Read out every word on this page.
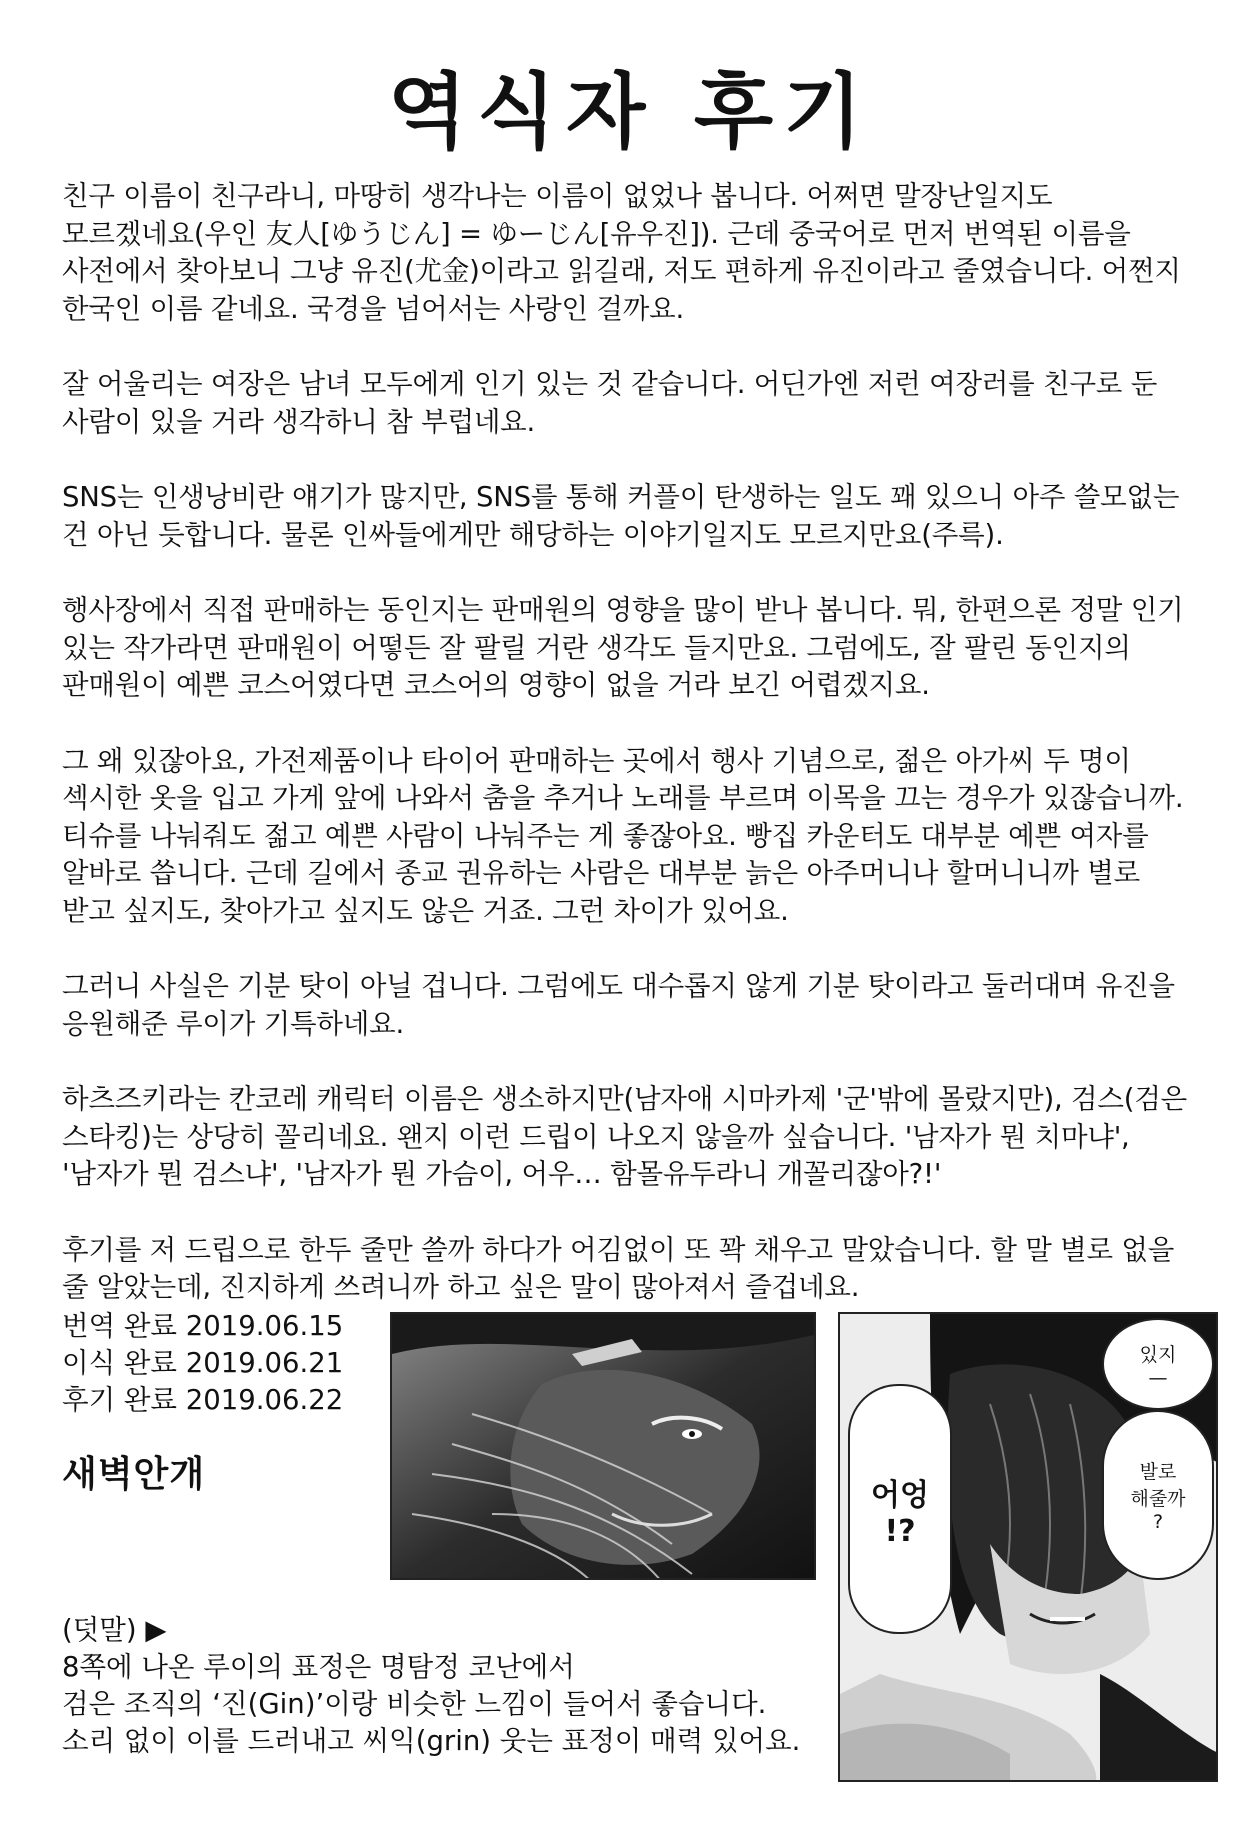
역식자 후기

친구 이름이 친구라니, 마땅히 생각나는 이름이 없었나 봅니다. 어쩌면 말장난일지도
모르겠네요(우인 友人[ゆうじん] = ゆーじん[유우진]). 근데 중국어로 먼저 번역된 이름을
사전에서 찾아보니 그냥 유진(尤金)이라고 읽길래, 저도 편하게 유진이라고 줄였습니다. 어쩐지
한국인 이름 같네요. 국경을 넘어서는 사랑인 걸까요.

잘 어울리는 여장은 남녀 모두에게 인기 있는 것 같습니다. 어딘가엔 저런 여장러를 친구로 둔
사람이 있을 거라 생각하니 참 부럽네요.

SNS는 인생낭비란 얘기가 많지만, SNS를 통해 커플이 탄생하는 일도 꽤 있으니 아주 쓸모없는
건 아닌 듯합니다. 물론 인싸들에게만 해당하는 이야기일지도 모르지만요(주륵).

행사장에서 직접 판매하는 동인지는 판매원의 영향을 많이 받나 봅니다. 뭐, 한편으론 정말 인기
있는 작가라면 판매원이 어떻든 잘 팔릴 거란 생각도 들지만요. 그럼에도, 잘 팔린 동인지의
판매원이 예쁜 코스어였다면 코스어의 영향이 없을 거라 보긴 어렵겠지요.

그 왜 있잖아요, 가전제품이나 타이어 판매하는 곳에서 행사 기념으로, 젊은 아가씨 두 명이
섹시한 옷을 입고 가게 앞에 나와서 춤을 추거나 노래를 부르며 이목을 끄는 경우가 있잖습니까.
티슈를 나눠줘도 젊고 예쁜 사람이 나눠주는 게 좋잖아요. 빵집 카운터도 대부분 예쁜 여자를
알바로 씁니다. 근데 길에서 종교 권유하는 사람은 대부분 늙은 아주머니나 할머니니까 별로
받고 싶지도, 찾아가고 싶지도 않은 거죠. 그런 차이가 있어요.

그러니 사실은 기분 탓이 아닐 겁니다. 그럼에도 대수롭지 않게 기분 탓이라고 둘러대며 유진을
응원해준 루이가 기특하네요.

하츠즈키라는 칸코레 캐릭터 이름은 생소하지만(남자애 시마카제 '군'밖에 몰랐지만), 검스(검은
스타킹)는 상당히 꼴리네요. 왠지 이런 드립이 나오지 않을까 싶습니다. '남자가 뭔 치마냐',
'남자가 뭔 검스냐', '남자가 뭔 가슴이, 어우… 함몰유두라니 개꼴리잖아?!'

후기를 저 드립으로 한두 줄만 쓸까 하다가 어김없이 또 꽉 채우고 말았습니다. 할 말 별로 없을
줄 알았는데, 진지하게 쓰려니까 하고 싶은 말이 많아져서 즐겁네요.

번역 완료 2019.06.15
이식 완료 2019.06.21
후기 완료 2019.06.22
새벽안개
(덧말) ▶
8쪽에 나온 루이의 표정은 명탐정 코난에서
검은 조직의 ‘진(Gin)’이랑 비슷한 느낌이 들어서 좋습니다.
소리 없이 이를 드러내고 씨익(grin) 웃는 표정이 매력 있어요.
어엉
!?
있지
—
발로
해줄까
?
